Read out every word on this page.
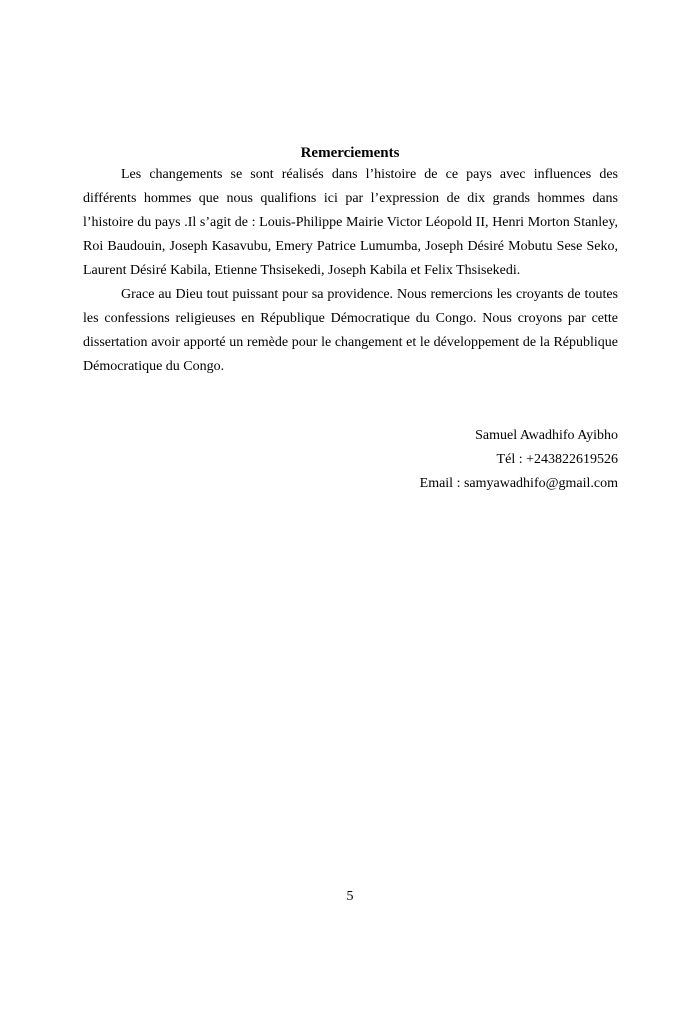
Remerciements

Les changements se sont réalisés dans l’histoire de ce pays avec influences des différents hommes que nous qualifions ici par l’expression de dix grands hommes dans l’histoire du pays .Il s’agit de : Louis-Philippe Mairie Victor Léopold II, Henri Morton Stanley, Roi Baudouin, Joseph Kasavubu, Emery Patrice Lumumba, Joseph Désiré Mobutu Sese Seko, Laurent Désiré Kabila, Etienne Thsisekedi, Joseph Kabila et Felix Thsisekedi.

Grace au Dieu tout puissant pour sa providence. Nous remercions les croyants de toutes les confessions religieuses en République Démocratique du Congo. Nous croyons par cette dissertation avoir apporté un remède pour le changement et le développement de la République Démocratique du Congo.

Samuel Awadhifo Ayibho
Tél : +243822619526
Email : samyawadhifo@gmail.com
5
